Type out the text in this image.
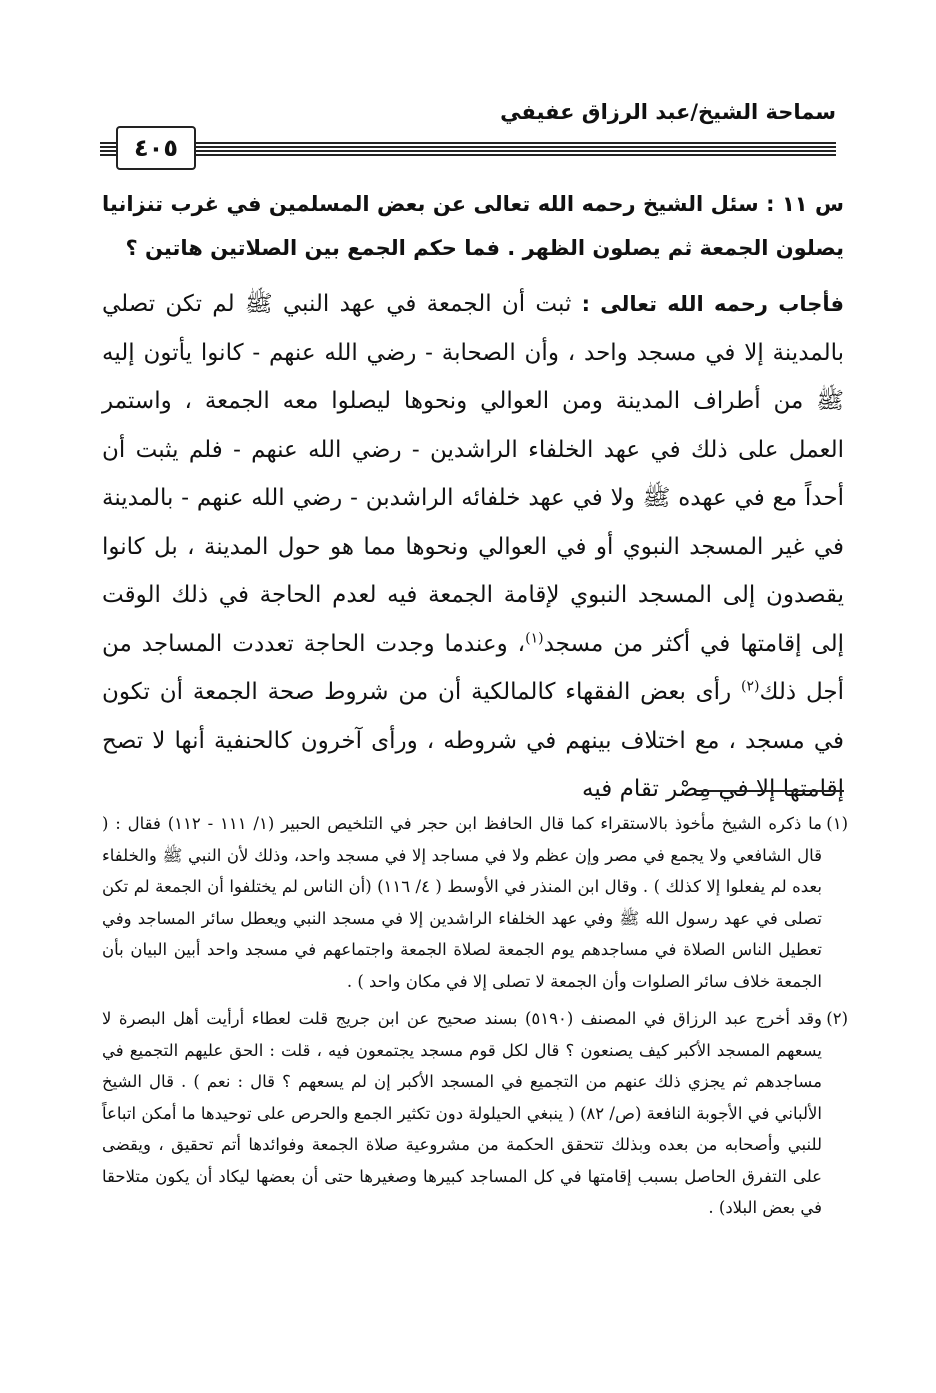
سماحة الشيخ/عبد الرزاق عفيفي
٤٠٥

س ١١ : سئل الشيخ رحمه الله تعالى عن بعض المسلمين في غرب تنزانيا يصلون الجمعة ثم يصلون الظهر . فما حكم الجمع بين الصلاتين هاتين ؟

فأجاب رحمه الله تعالى : ثبت أن الجمعة في عهد النبي ﷺ لم تكن تصلي بالمدينة إلا في مسجد واحد ، وأن الصحابة - رضي الله عنهم - كانوا يأتون إليه ﷺ من أطراف المدينة ومن العوالي ونحوها ليصلوا معه الجمعة ، واستمر العمل على ذلك في عهد الخلفاء الراشدين - رضي الله عنهم - فلم يثبت أن أحداً مع في عهده ﷺ ولا في عهد خلفائه الراشدبن - رضي الله عنهم - بالمدينة في غير المسجد النبوي أو في العوالي ونحوها مما هو حول المدينة ، بل كانوا يقصدون إلى المسجد النبوي لإقامة الجمعة فيه لعدم الحاجة في ذلك الوقت إلى إقامتها في أكثر من مسجد$^{(١)}$، وعندما وجدت الحاجة تعددت المساجد من أجل ذلك$^{(٢)}$ رأى بعض الفقهاء كالمالكية أن من شروط صحة الجمعة أن تكون في مسجد ، مع اختلاف بينهم في شروطه ، ورأى آخرون كالحنفية أنها لا تصح إقامتها إلا في مِصْر تقام فيه

(١)
ما ذكره الشيخ مأخوذ بالاستقراء كما قال الحافظ ابن حجر في التلخيص الحبير (١/ ١١١ - ١١٢) فقال : ( قال الشافعي ولا يجمع في مصر وإن عظم ولا في مساجد إلا في مسجد واحد، وذلك لأن النبي ﷺ والخلفاء بعده لم يفعلوا إلا كذلك ) . وقال ابن المنذر في الأوسط ( ٤/ ١١٦) (أن الناس لم يختلفوا أن الجمعة لم تكن تصلى في عهد رسول الله ﷺ وفي عهد الخلفاء الراشدين إلا في مسجد النبي ويعطل سائر المساجد وفي تعطيل الناس الصلاة في مساجدهم يوم الجمعة لصلاة الجمعة واجتماعهم في مسجد واحد أبين البيان بأن الجمعة خلاف سائر الصلوات وأن الجمعة لا تصلى إلا في مكان واحد ) .

(٢)
وقد أخرج عبد الرزاق في المصنف (٥١٩٠) بسند صحيح عن ابن جريج قلت لعطاء أرأيت أهل البصرة لا يسعهم المسجد الأكبر كيف يصنعون ؟ قال لكل قوم مسجد يجتمعون فيه ، قلت : الحق عليهم التجميع في مساجدهم ثم يجزي ذلك عنهم من التجميع في المسجد الأكبر إن لم يسعهم ؟ قال : نعم ) . قال الشيخ الألباني في الأجوبة النافعة (ص/ ٨٢) ( ينبغي الحيلولة دون تكثير الجمع والحرص على توحيدها ما أمكن اتباعاً للنبي وأصحابه من بعده وبذلك تتحقق الحكمة من مشروعية صلاة الجمعة وفوائدها أتم تحقيق ، ويقضى على التفرق الحاصل بسبب إقامتها في كل المساجد كبيرها وصغيرها حتى أن بعضها ليكاد أن يكون متلاحقا في بعض البلاد) .
